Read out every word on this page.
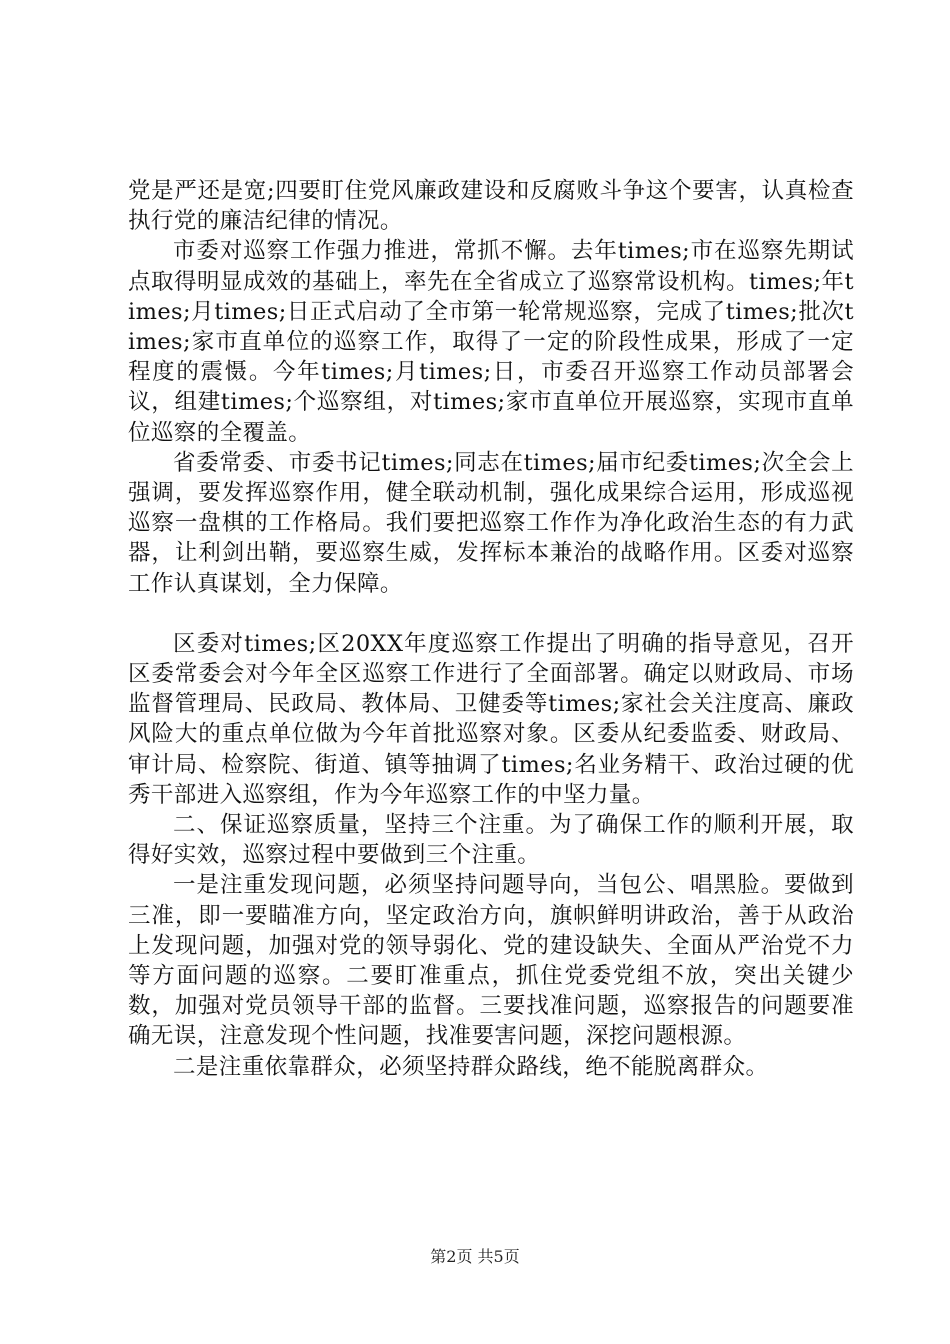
党是严还是宽;四要盯住党风廉政建设和反腐败斗争这个要害，认真检查执行党的廉洁纪律的情况。

市委对巡察工作强力推进，常抓不懈。去年times;市在巡察先期试点取得明显成效的基础上，率先在全省成立了巡察常设机构。times;年times;月times;日正式启动了全市第一轮常规巡察，完成了times;批次times;家市直单位的巡察工作，取得了一定的阶段性成果，形成了一定程度的震慑。今年times;月times;日，市委召开巡察工作动员部署会议，组建times;个巡察组，对times;家市直单位开展巡察，实现市直单位巡察的全覆盖。

省委常委、市委书记times;同志在times;届市纪委times;次全会上强调，要发挥巡察作用，健全联动机制，强化成果综合运用，形成巡视巡察一盘棋的工作格局。我们要把巡察工作作为净化政治生态的有力武器，让利剑出鞘，要巡察生威，发挥标本兼治的战略作用。区委对巡察工作认真谋划，全力保障。

区委对times;区20XX年度巡察工作提出了明确的指导意见，召开区委常委会对今年全区巡察工作进行了全面部署。确定以财政局、市场监督管理局、民政局、教体局、卫健委等times;家社会关注度高、廉政风险大的重点单位做为今年首批巡察对象。区委从纪委监委、财政局、审计局、检察院、街道、镇等抽调了times;名业务精干、政治过硬的优秀干部进入巡察组，作为今年巡察工作的中坚力量。

二、保证巡察质量，坚持三个注重。为了确保工作的顺利开展，取得好实效，巡察过程中要做到三个注重。

一是注重发现问题，必须坚持问题导向，当包公、唱黑脸。要做到三准，即一要瞄准方向，坚定政治方向，旗帜鲜明讲政治，善于从政治上发现问题，加强对党的领导弱化、党的建设缺失、全面从严治党不力等方面问题的巡察。二要盯准重点，抓住党委党组不放，突出关键少数，加强对党员领导干部的监督。三要找准问题，巡察报告的问题要准确无误，注意发现个性问题，找准要害问题，深挖问题根源。

二是注重依靠群众，必须坚持群众路线，绝不能脱离群众。

第2页 共5页
